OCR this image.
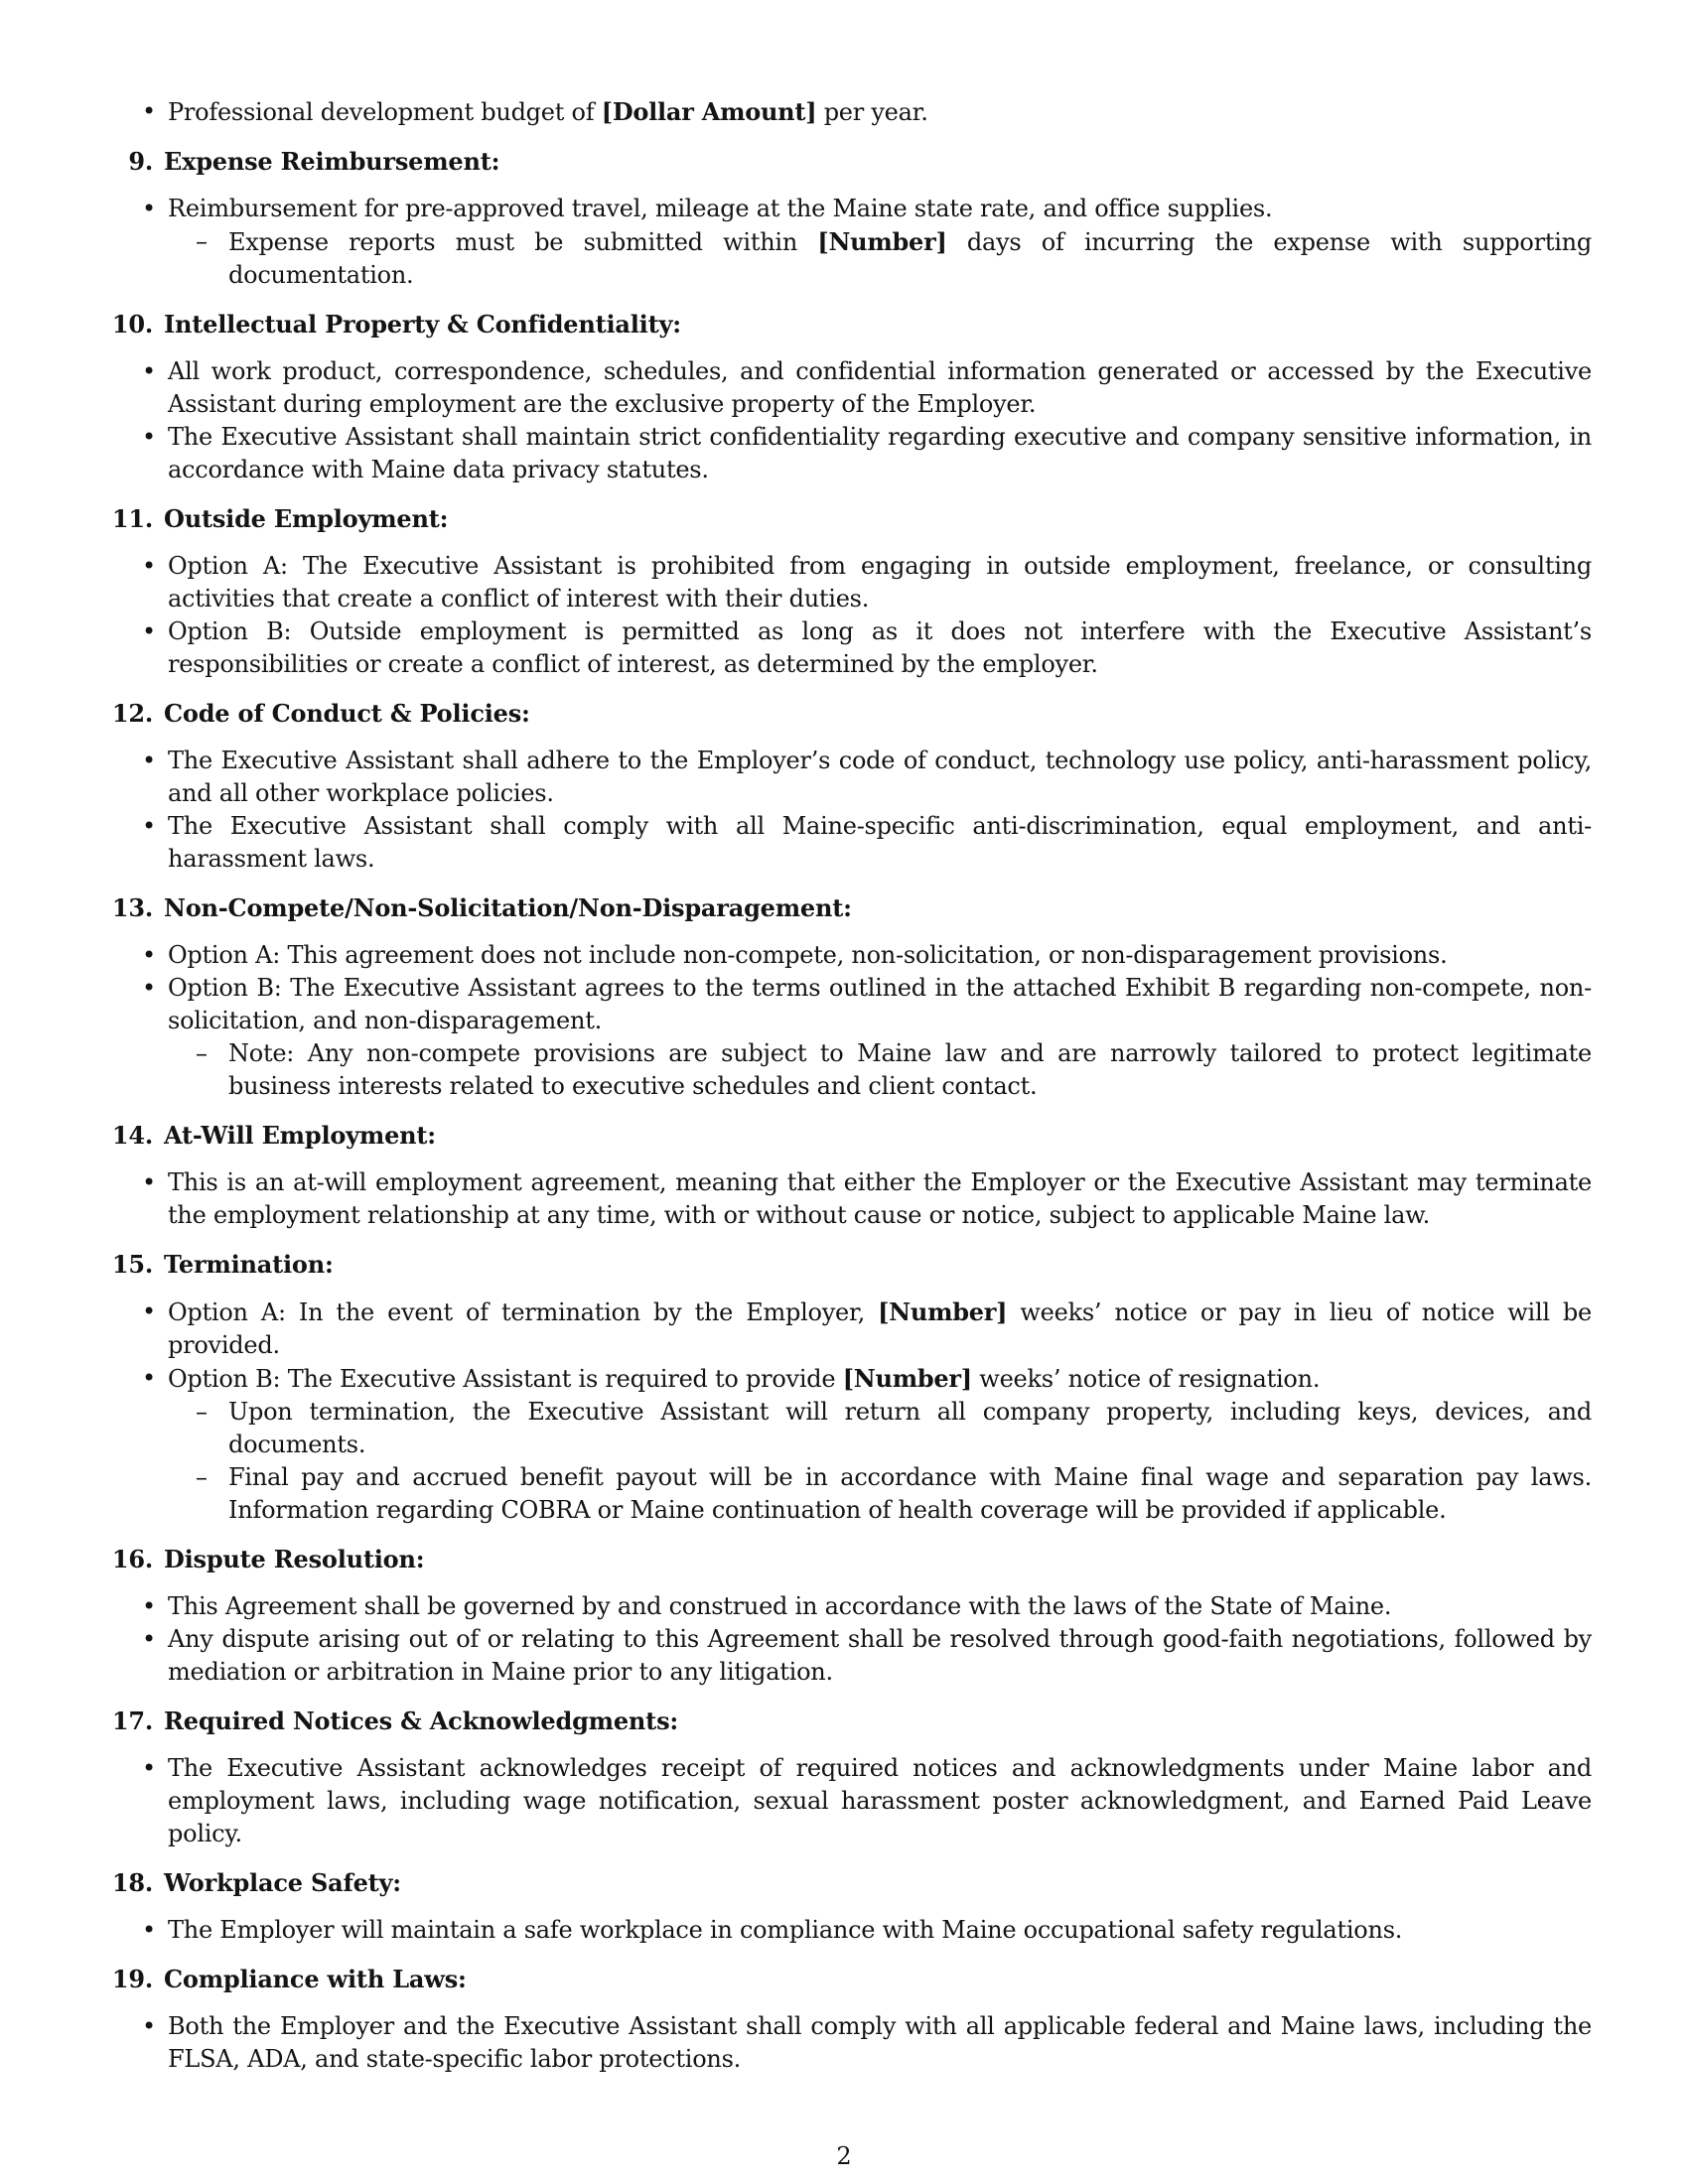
• Professional development budget of [Dollar Amount] per year.
9. Expense Reimbursement:
• Reimbursement for pre-approved travel, mileage at the Maine state rate, and office supplies.
– Expense reports must be submitted within [Number] days of incurring the expense with supporting documentation.
10. Intellectual Property & Confidentiality:
• All work product, correspondence, schedules, and confidential information generated or accessed by the Executive Assistant during employment are the exclusive property of the Employer.
• The Executive Assistant shall maintain strict confidentiality regarding executive and company sensitive information, in accordance with Maine data privacy statutes.
11. Outside Employment:
• Option A: The Executive Assistant is prohibited from engaging in outside employment, freelance, or consulting activities that create a conflict of interest with their duties.
• Option B: Outside employment is permitted as long as it does not interfere with the Executive Assistant’s responsibilities or create a conflict of interest, as determined by the employer.
12. Code of Conduct & Policies:
• The Executive Assistant shall adhere to the Employer’s code of conduct, technology use policy, anti-harassment policy, and all other workplace policies.
• The Executive Assistant shall comply with all Maine-specific anti-discrimination, equal employment, and anti-harassment laws.
13. Non-Compete/Non-Solicitation/Non-Disparagement:
• Option A: This agreement does not include non-compete, non-solicitation, or non-disparagement provisions.
• Option B: The Executive Assistant agrees to the terms outlined in the attached Exhibit B regarding non-compete, non-solicitation, and non-disparagement.
– Note: Any non-compete provisions are subject to Maine law and are narrowly tailored to protect legitimate business interests related to executive schedules and client contact.
14. At-Will Employment:
• This is an at-will employment agreement, meaning that either the Employer or the Executive Assistant may terminate the employment relationship at any time, with or without cause or notice, subject to applicable Maine law.
15. Termination:
• Option A: In the event of termination by the Employer, [Number] weeks’ notice or pay in lieu of notice will be provided.
• Option B: The Executive Assistant is required to provide [Number] weeks’ notice of resignation.
– Upon termination, the Executive Assistant will return all company property, including keys, devices, and documents.
– Final pay and accrued benefit payout will be in accordance with Maine final wage and separation pay laws. Information regarding COBRA or Maine continuation of health coverage will be provided if applicable.
16. Dispute Resolution:
• This Agreement shall be governed by and construed in accordance with the laws of the State of Maine.
• Any dispute arising out of or relating to this Agreement shall be resolved through good-faith negotiations, followed by mediation or arbitration in Maine prior to any litigation.
17. Required Notices & Acknowledgments:
• The Executive Assistant acknowledges receipt of required notices and acknowledgments under Maine labor and employment laws, including wage notification, sexual harassment poster acknowledgment, and Earned Paid Leave policy.
18. Workplace Safety:
• The Employer will maintain a safe workplace in compliance with Maine occupational safety regulations.
19. Compliance with Laws:
• Both the Employer and the Executive Assistant shall comply with all applicable federal and Maine laws, including the FLSA, ADA, and state-specific labor protections.
2
